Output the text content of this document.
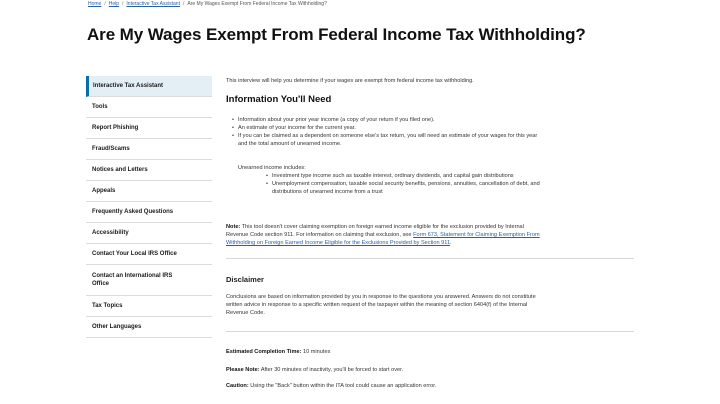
Home / Help / Interactive Tax Assistant / Are My Wages Exempt From Federal Income Tax Withholding?
Are My Wages Exempt From Federal Income Tax Withholding?
Interactive Tax Assistant
Tools
Report Phishing
Fraud/Scams
Notices and Letters
Appeals
Frequently Asked Questions
Accessibility
Contact Your Local IRS Office
Contact an International IRS
Office
Tax Topics
Other Languages

This interview will help you determine if your wages are exempt from federal income tax withholding.

Information You'll Need
• Information about your prior year income (a copy of your return if you filed one).
• An estimate of your income for the current year.
• If you can be claimed as a dependent on someone else's tax return, you will need an estimate of your wages for this year

and the total amount of unearned income.

Unearned income includes:

• Investment type income such as taxable interest, ordinary dividends, and capital gain distributions
• Unemployment compensation, taxable social security benefits, pensions, annuities, cancellation of debt, and

distributions of unearned income from a trust

Note: This tool doesn't cover claiming exemption on foreign earned income eligible for the exclusion provided by Internal

Revenue Code section 911. For information on claiming that exclusion, see Form 673, Statement for Claiming Exemption From

Withholding on Foreign Earned Income Eligible for the Exclusions Provided by Section 911.

Disclaimer

Conclusions are based on information provided by you in response to the questions you answered. Answers do not constitute

written advice in response to a specific written request of the taxpayer within the meaning of section 6404(f) of the Internal

Revenue Code.

Estimated Completion Time: 10 minutes

Please Note: After 30 minutes of inactivity, you'll be forced to start over.

Caution: Using the "Back" button within the ITA tool could cause an application error.
